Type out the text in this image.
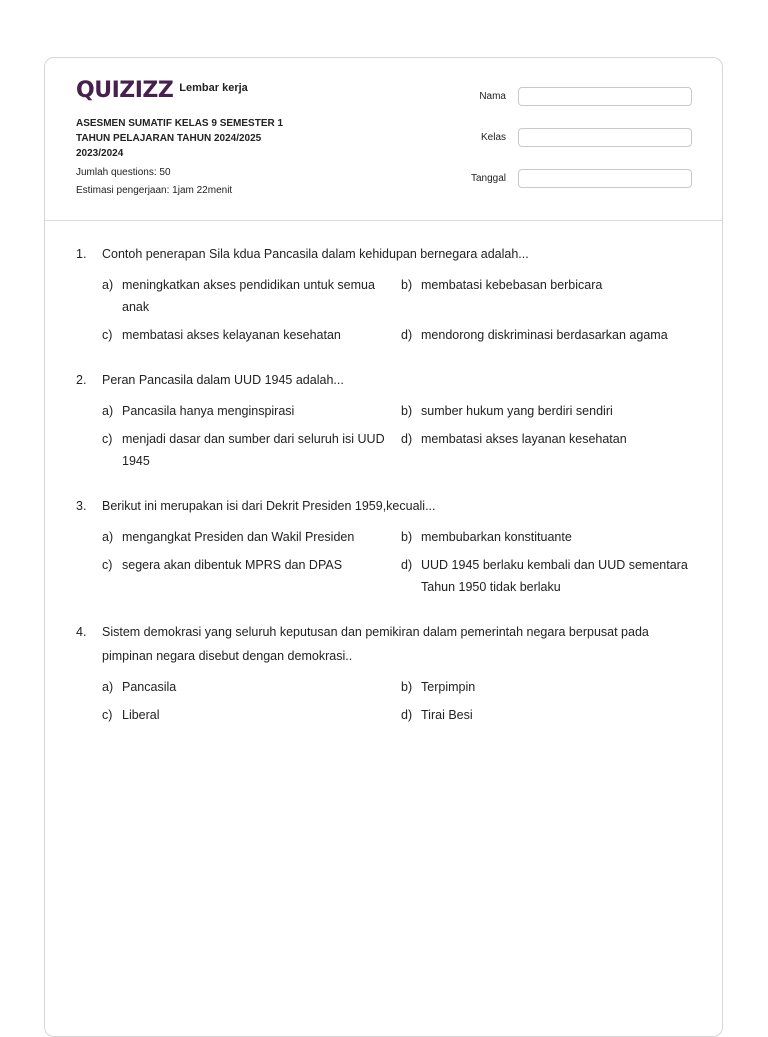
QUIZIZZ Lembar kerja
ASESMEN SUMATIF KELAS 9 SEMESTER 1
TAHUN PELAJARAN TAHUN 2024/2025
2023/2024
Jumlah questions: 50
Estimasi pengerjaan: 1jam 22menit
Nama
Kelas
Tanggal
1.	Contoh penerapan Sila kdua Pancasila dalam kehidupan bernegara adalah...
a) meningkatkan akses pendidikan untuk semua anak
b) membatasi kebebasan berbicara
c) membatasi akses kelayanan kesehatan	d) mendorong diskriminasi berdasarkan agama
2.	Peran Pancasila dalam UUD 1945 adalah...
a) Pancasila hanya menginspirasi	b) sumber hukum yang berdiri sendiri
c) menjadi dasar dan sumber dari seluruh isi UUD 1945
d) membatasi akses layanan kesehatan
3.	Berikut ini merupakan isi dari Dekrit Presiden 1959,kecuali...
a) mengangkat Presiden dan Wakil Presiden	b) membubarkan konstituante
c) segera akan dibentuk MPRS dan DPAS	d) UUD 1945 berlaku kembali dan UUD sementara Tahun 1950 tidak berlaku
4.	Sistem demokrasi yang seluruh keputusan dan pemikiran dalam pemerintah negara berpusat pada pimpinan negara disebut dengan demokrasi..
a) Pancasila	b) Terpimpin
c) Liberal	d) Tirai Besi
